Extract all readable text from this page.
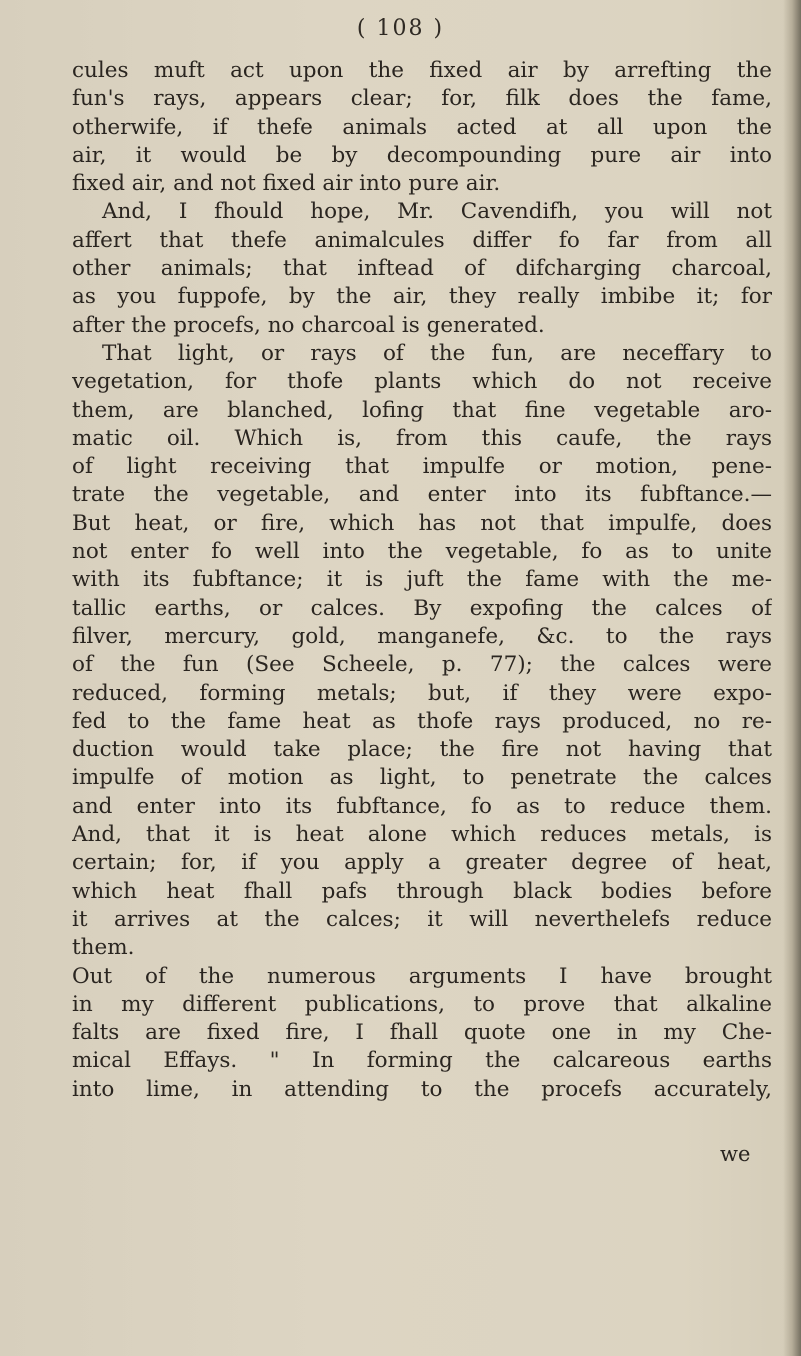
( 108 )
cules muft act upon the fixed air by arrefting the
fun's rays, appears clear; for, filk does the fame,
otherwife, if thefe animals acted at all upon the
air, it would be by decompounding pure air into
fixed air, and not fixed air into pure air.
And, I fhould hope, Mr. Cavendifh, you will not
affert that thefe animalcules differ fo far from all
other animals; that inftead of difcharging charcoal,
as you fuppofe, by the air, they really imbibe it; for
after the procefs, no charcoal is generated.
That light, or rays of the fun, are neceffary to
vegetation, for thofe plants which do not receive
them, are blanched, lofing that fine vegetable aro-
matic oil. Which is, from this caufe, the rays
of light receiving that impulfe or motion, pene-
trate the vegetable, and enter into its fubftance.—
But heat, or fire, which has not that impulfe, does
not enter fo well into the vegetable, fo as to unite
with its fubftance; it is juft the fame with the me-
tallic earths, or calces. By expofing the calces of
filver, mercury, gold, manganefe, &c. to the rays
of the fun (See Scheele, p. 77); the calces were
reduced, forming metals; but, if they were expo-
fed to the fame heat as thofe rays produced, no re-
duction would take place; the fire not having that
impulfe of motion as light, to penetrate the calces
and enter into its fubftance, fo as to reduce them.
And, that it is heat alone which reduces metals, is
certain; for, if you apply a greater degree of heat,
which heat fhall pafs through black bodies before
it arrives at the calces; it will neverthelefs reduce
them.
Out of the numerous arguments I have brought
in my different publications, to prove that alkaline
falts are fixed fire, I fhall quote one in my Che-
mical Effays. " In forming the calcareous earths
into lime, in attending to the procefs accurately,
we
